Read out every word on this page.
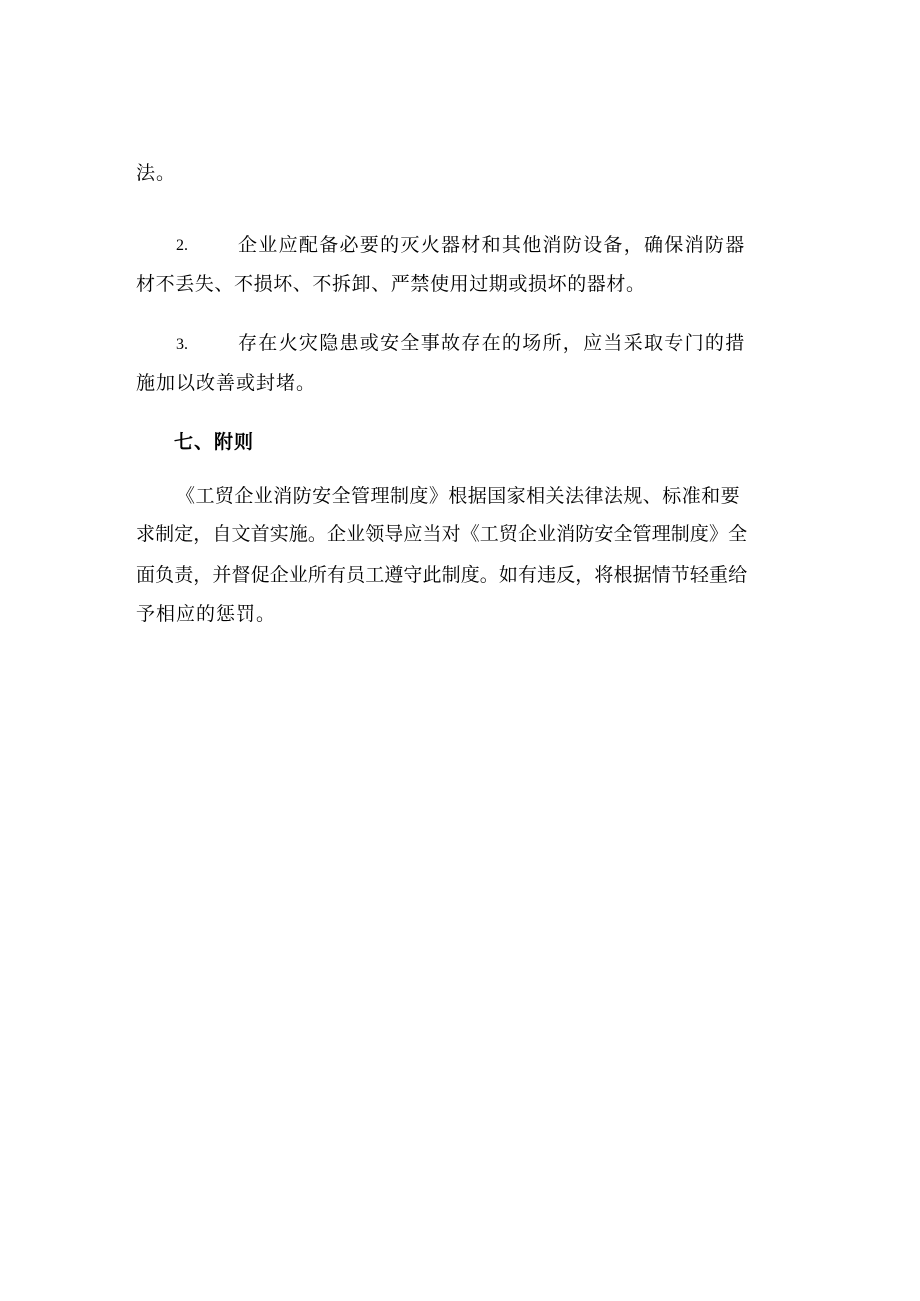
法。
2.	企业应配备必要的灭火器材和其他消防设备，确保消防器
材不丢失、不损坏、不拆卸、严禁使用过期或损坏的器材。
3.	存在火灾隐患或安全事故存在的场所，应当采取专门的措
施加以改善或封堵。
七、附则
《工贸企业消防安全管理制度》根据国家相关法律法规、标准和要
求制定，自文首实施。企业领导应当对《工贸企业消防安全管理制度》全
面负责，并督促企业所有员工遵守此制度。如有违反，将根据情节轻重给
予相应的惩罚。
